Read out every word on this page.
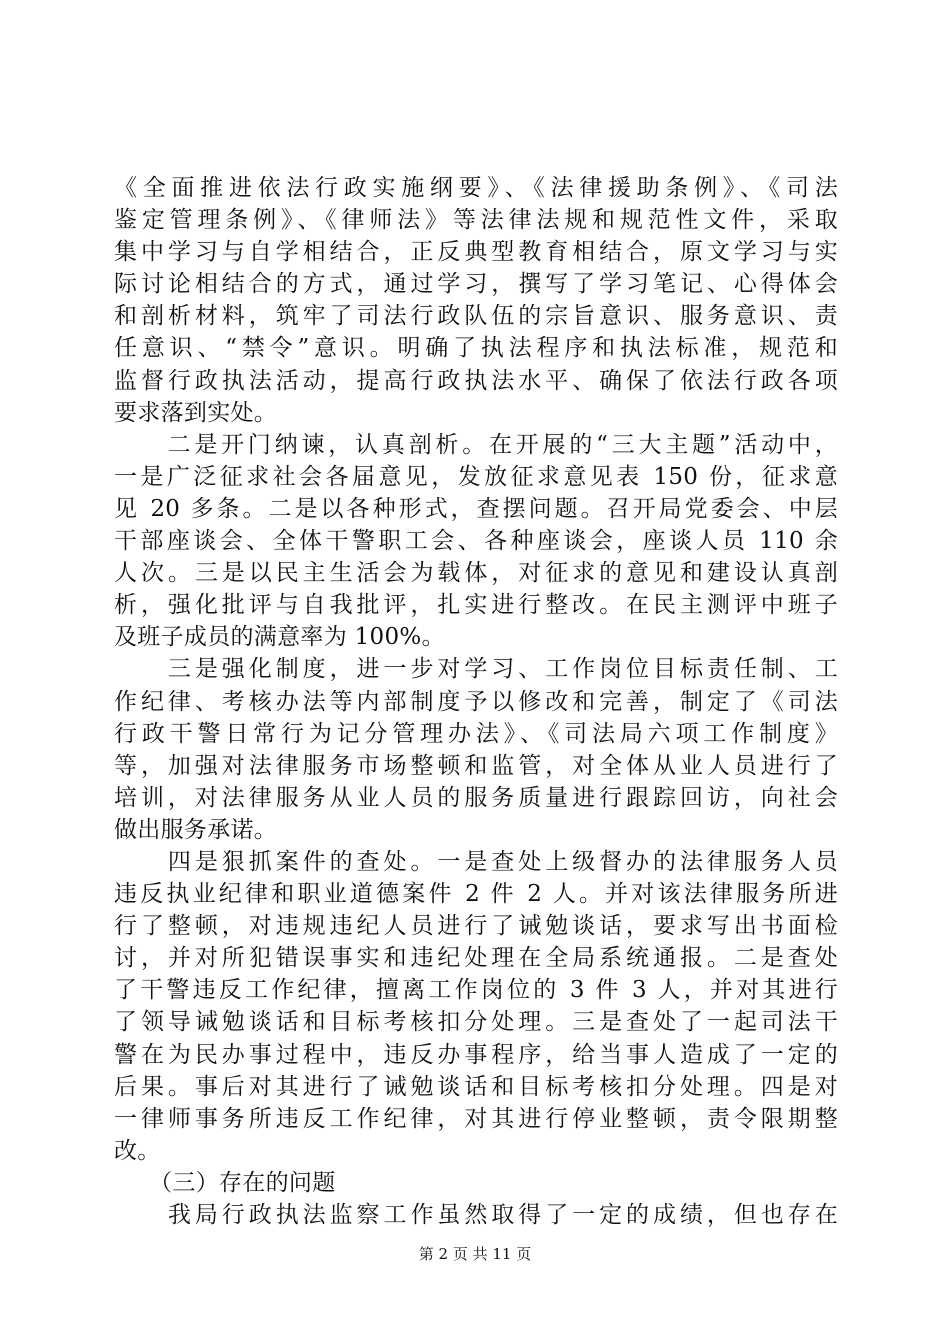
《全面推进依法行政实施纲要》、《法律援助条例》、《司法
鉴定管理条例》、《律师法》等法律法规和规范性文件，采取
集中学习与自学相结合，正反典型教育相结合，原文学习与实
际讨论相结合的方式，通过学习，撰写了学习笔记、心得体会
和剖析材料，筑牢了司法行政队伍的宗旨意识、服务意识、责
任意识、“禁令”意识。明确了执法程序和执法标准，规范和
监督行政执法活动，提高行政执法水平、确保了依法行政各项
要求落到实处。
　　二是开门纳谏，认真剖析。在开展的“三大主题”活动中，
一是广泛征求社会各届意见，发放征求意见表 150 份，征求意
见 20 多条。二是以各种形式，查摆问题。召开局党委会、中层
干部座谈会、全体干警职工会、各种座谈会，座谈人员 110 余
人次。三是以民主生活会为载体，对征求的意见和建设认真剖
析，强化批评与自我批评，扎实进行整改。在民主测评中班子
及班子成员的满意率为 100%。
　　三是强化制度，进一步对学习、工作岗位目标责任制、工
作纪律、考核办法等内部制度予以修改和完善，制定了《司法
行政干警日常行为记分管理办法》、《司法局六项工作制度》
等，加强对法律服务市场整顿和监管，对全体从业人员进行了
培训，对法律服务从业人员的服务质量进行跟踪回访，向社会
做出服务承诺。
　　四是狠抓案件的查处。一是查处上级督办的法律服务人员
违反执业纪律和职业道德案件 2 件 2 人。并对该法律服务所进
行了整顿，对违规违纪人员进行了诫勉谈话，要求写出书面检
讨，并对所犯错误事实和违纪处理在全局系统通报。二是查处
了干警违反工作纪律，擅离工作岗位的 3 件 3 人，并对其进行
了领导诫勉谈话和目标考核扣分处理。三是查处了一起司法干
警在为民办事过程中，违反办事程序，给当事人造成了一定的
后果。事后对其进行了诫勉谈话和目标考核扣分处理。四是对
一律师事务所违反工作纪律，对其进行停业整顿，责令限期整
改。
　　（三）存在的问题
　　我局行政执法监察工作虽然取得了一定的成绩，但也存在
第 2 页 共 11 页
